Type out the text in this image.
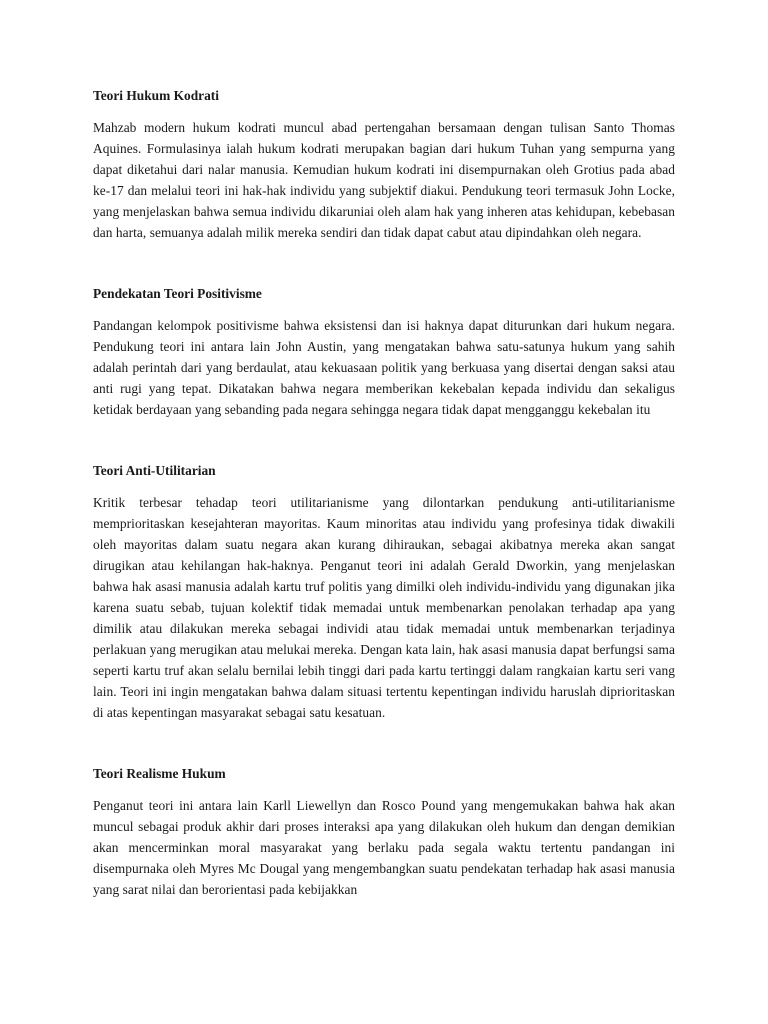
Teori Hukum Kodrati

Mahzab modern hukum kodrati muncul abad pertengahan bersamaan dengan tulisan Santo Thomas Aquines. Formulasinya ialah hukum kodrati merupakan bagian dari hukum Tuhan yang sempurna yang dapat diketahui dari nalar manusia. Kemudian hukum kodrati ini disempurnakan oleh Grotius pada abad ke-17 dan melalui teori ini hak-hak individu yang subjektif diakui. Pendukung teori termasuk John Locke, yang menjelaskan bahwa semua individu dikaruniai oleh alam hak yang inheren atas kehidupan, kebebasan dan harta, semuanya adalah milik mereka sendiri dan tidak dapat cabut atau dipindahkan oleh negara.

Pendekatan Teori Positivisme

Pandangan kelompok positivisme bahwa eksistensi dan isi haknya dapat diturunkan dari hukum negara. Pendukung teori ini antara lain John Austin, yang mengatakan bahwa satu-satunya hukum yang sahih adalah perintah dari yang berdaulat, atau kekuasaan politik yang berkuasa yang disertai dengan saksi atau anti rugi yang tepat. Dikatakan bahwa negara memberikan kekebalan kepada individu dan sekaligus ketidak berdayaan yang sebanding pada negara sehingga negara tidak dapat mengganggu kekebalan itu

Teori Anti-Utilitarian

Kritik terbesar tehadap teori utilitarianisme yang dilontarkan pendukung anti-utilitarianisme memprioritaskan kesejahteran mayoritas. Kaum minoritas atau individu yang profesinya tidak diwakili oleh mayoritas dalam suatu negara akan kurang dihiraukan, sebagai akibatnya mereka akan sangat dirugikan atau kehilangan hak-haknya. Penganut teori ini adalah Gerald Dworkin, yang menjelaskan bahwa hak asasi manusia adalah kartu truf politis yang dimilki oleh individu-individu yang digunakan jika karena suatu sebab, tujuan kolektif tidak memadai untuk membenarkan penolakan terhadap apa yang dimilik atau dilakukan mereka sebagai individi atau tidak memadai untuk membenarkan terjadinya perlakuan yang merugikan atau melukai mereka. Dengan kata lain, hak asasi manusia dapat berfungsi sama seperti kartu truf akan selalu bernilai lebih tinggi dari pada kartu tertinggi dalam rangkaian kartu seri vang lain. Teori ini ingin mengatakan bahwa dalam situasi tertentu kepentingan individu haruslah diprioritaskan di atas kepentingan masyarakat sebagai satu kesatuan.

Teori Realisme Hukum

Penganut teori ini antara lain Karll Liewellyn dan Rosco Pound yang mengemukakan bahwa hak akan muncul sebagai produk akhir dari proses interaksi apa yang dilakukan oleh hukum dan dengan demikian akan mencerminkan moral masyarakat yang berlaku pada segala waktu tertentu pandangan ini disempurnaka oleh Myres Mc Dougal yang mengembangkan suatu pendekatan terhadap hak asasi manusia yang sarat nilai dan berorientasi pada kebijakkan
